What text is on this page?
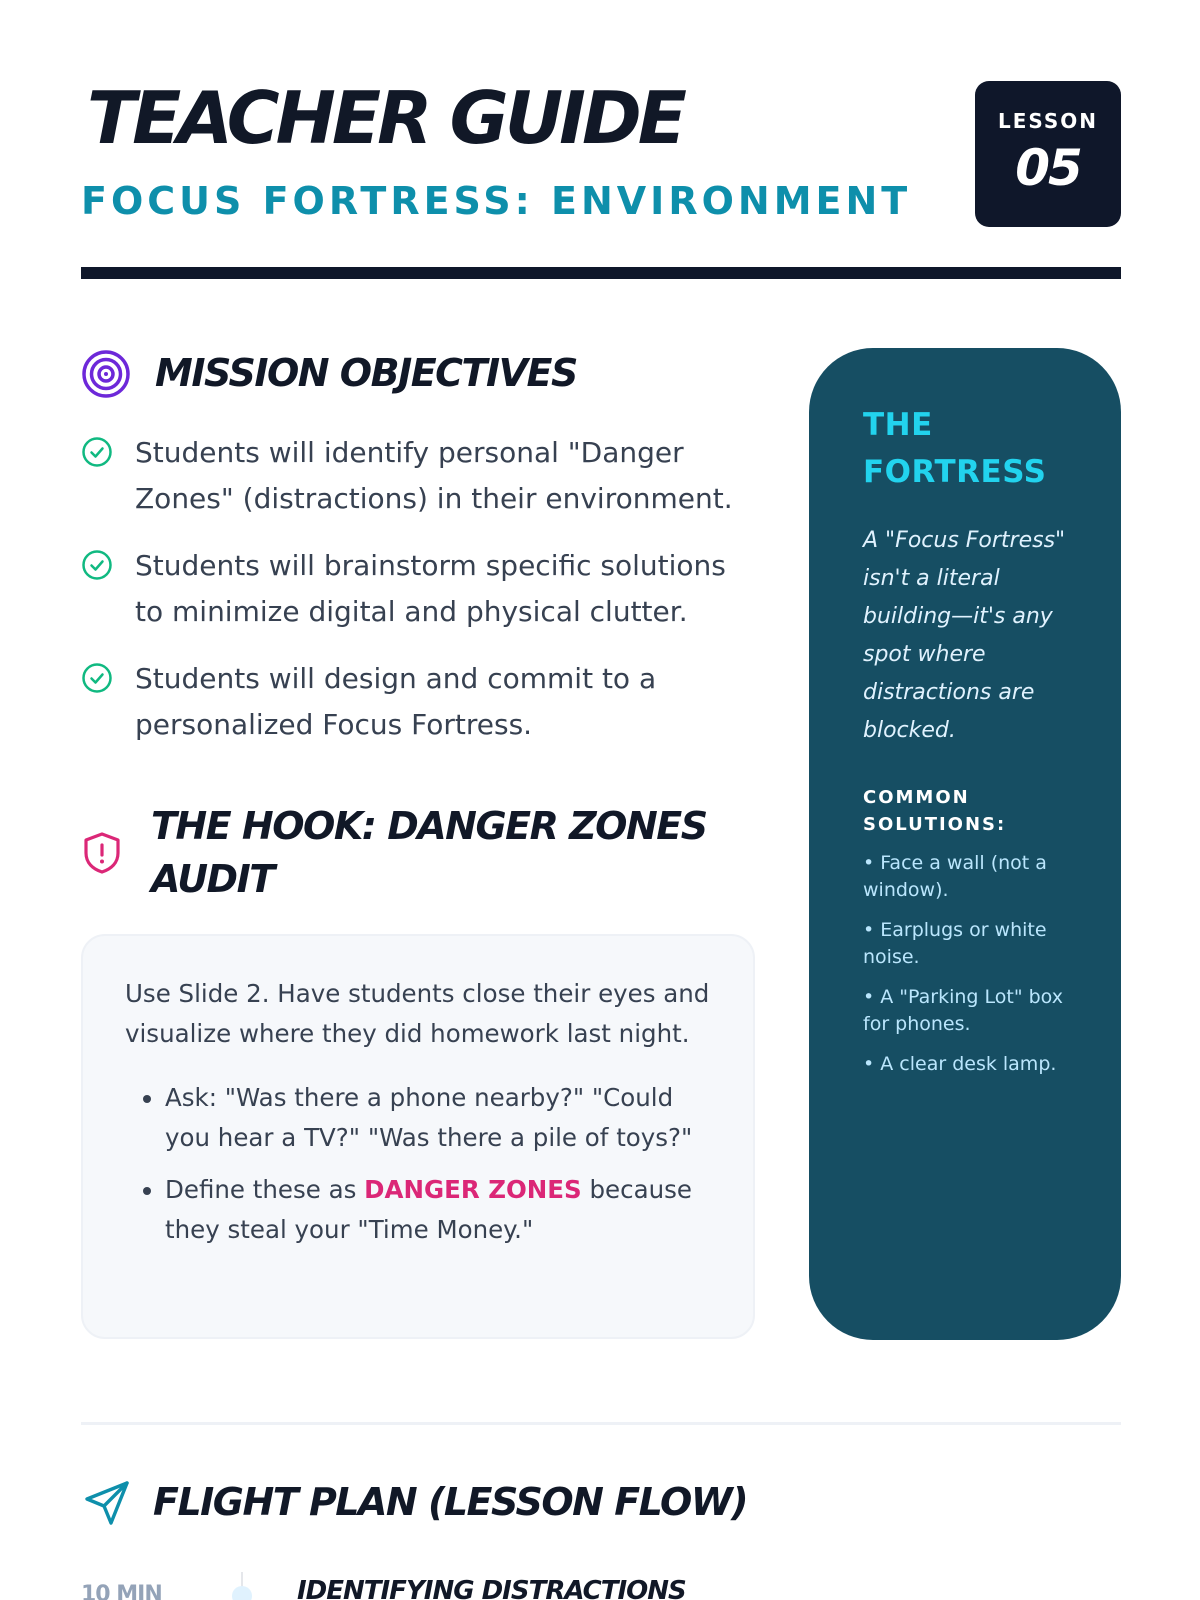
TEACHER GUIDE
FOCUS FORTRESS: ENVIRONMENT
LESSON
05
MISSION OBJECTIVES
Students will identify personal "Danger Zones" (distractions) in their environment.
Students will brainstorm specific solutions to minimize digital and physical clutter.
Students will design and commit to a personalized Focus Fortress.
THE HOOK: DANGER ZONES
AUDIT

Use Slide 2. Have students close their eyes and visualize where they did homework last night.

• Ask: "Was there a phone nearby?" "Could you hear a TV?" "Was there a pile of toys?"
• Define these as DANGER ZONES because they steal your "Time Money."
THE
FORTRESS

A "Focus Fortress" isn't a literal building—it's any spot where distractions are blocked.

COMMON SOLUTIONS:
• Face a wall (not a window).
• Earplugs or white noise.
• A "Parking Lot" box for phones.
• A clear desk lamp.
FLIGHT PLAN (LESSON FLOW)
10 MIN	IDENTIFYING DISTRACTIONS
